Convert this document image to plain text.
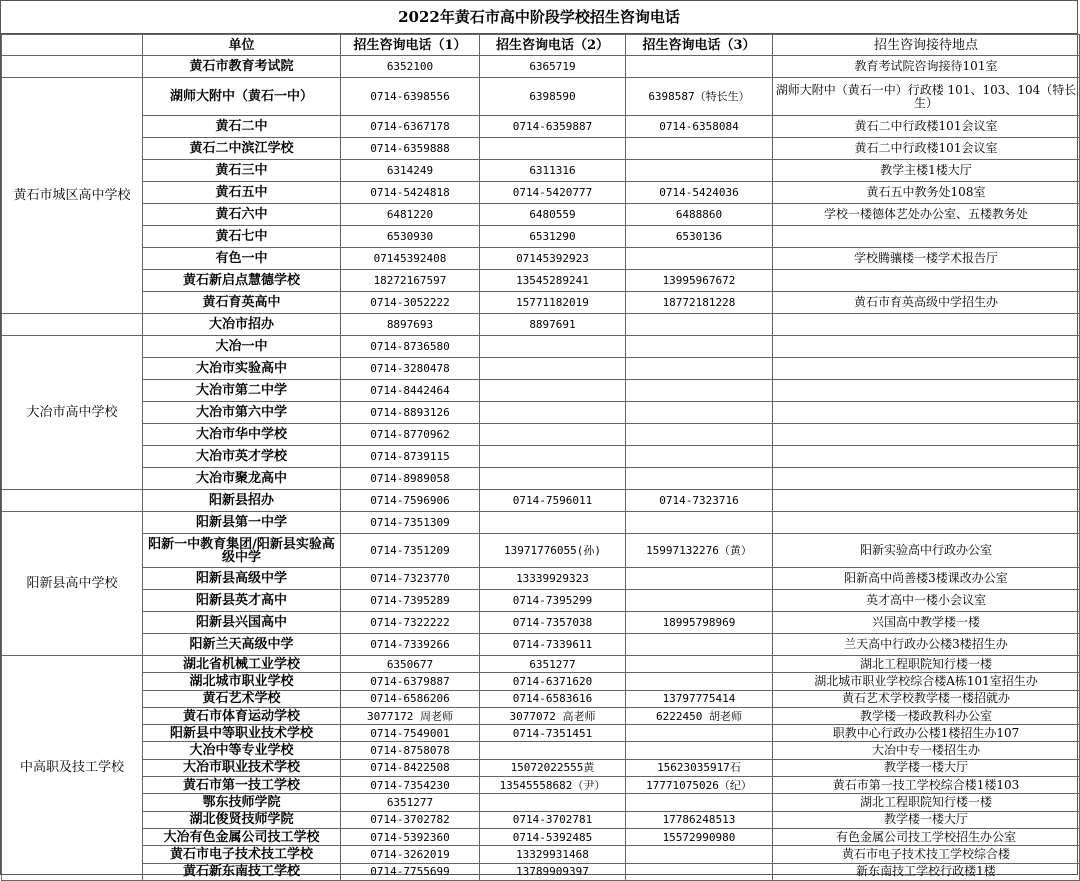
2022年黄石市高中阶段学校招生咨询电话
	单位	招生咨询电话（1）	招生咨询电话（2）	招生咨询电话（3）	招生咨询接待地点
	黄石市教育考试院	6352100	6365719		教育考试院咨询接待101室
黄石市城区高中学校	湖师大附中（黄石一中）	0714-6398556	6398590	6398587（特长生）	湖师大附中（黄石一中）行政楼 101、103、104（特长生）
	黄石二中	0714-6367178	0714-6359887	0714-6358084	黄石二中行政楼101会议室
	黄石二中滨江学校	0714-6359888			黄石二中行政楼101会议室
	黄石三中	6314249	6311316		教学主楼1楼大厅
	黄石五中	0714-5424818	0714-5420777	0714-5424036	黄石五中教务处108室
	黄石六中	6481220	6480559	6488860	学校一楼德体艺处办公室、五楼教务处
	黄石七中	6530930	6531290	6530136	
	有色一中	07145392408	07145392923		学校腾骧楼一楼学术报告厅
	黄石新启点慧德学校	18272167597	13545289241	13995967672	
	黄石育英高中	0714-3052222	15771182019	18772181228	黄石市育英高级中学招生办
	大冶市招办	8897693	8897691		
大冶市高中学校	大冶一中	0714-8736580			
	大冶市实验高中	0714-3280478			
	大冶市第二中学	0714-8442464			
	大冶市第六中学	0714-8893126			
	大冶市华中学校	0714-8770962			
	大冶市英才学校	0714-8739115			
	大冶市聚龙高中	0714-8989058			
	阳新县招办	0714-7596906	0714-7596011	0714-7323716	
阳新县高中学校	阳新县第一中学	0714-7351309			
	阳新一中教育集团/阳新县实验高级中学	0714-7351209	13971776055(孙)	15997132276（黄）	阳新实验高中行政办公室
	阳新县高级中学	0714-7323770	13339929323		阳新高中尚善楼3楼课改办公室
	阳新县英才高中	0714-7395289	0714-7395299		英才高中一楼小会议室
	阳新县兴国高中	0714-7322222	0714-7357038	18995798969	兴国高中教学楼一楼
	阳新兰天高级中学	0714-7339266	0714-7339611		兰天高中行政办公楼3楼招生办
中高职及技工学校	湖北省机械工业学校	6350677	6351277		湖北工程职院知行楼一楼
	湖北城市职业学校	0714-6379887	0714-6371620		湖北城市职业学校综合楼A栋101室招生办
	黄石艺术学校	0714-6586206	0714-6583616	13797775414	黄石艺术学校教学楼一楼招就办
	黄石市体育运动学校	3077172 周老师	3077072 高老师	6222450 胡老师	教学楼一楼政教科办公室
	阳新县中等职业技术学校	0714-7549001	0714-7351451		职教中心行政办公楼1楼招生办107
	大冶中等专业学校	0714-8758078			大冶中专一楼招生办
	大冶市职业技术学校	0714-8422508	15072022555黄	15623035917石	教学楼一楼大厅
	黄石市第一技工学校	0714-7354230	13545558682（尹）	17771075026（纪）	黄石市第一技工学校综合楼1楼103
	鄂东技师学院	6351277			湖北工程职院知行楼一楼
	湖北俊贤技师学院	0714-3702782	0714-3702781	17786248513	教学楼一楼大厅
	大冶有色金属公司技工学校	0714-5392360	0714-5392485	15572990980	有色金属公司技工学校招生办公室
	黄石市电子技术技工学校	0714-3262019	13329931468		黄石市电子技术技工学校综合楼
	黄石新东南技工学校	0714-7755699	13789909397		新东南技工学校行政楼1楼
